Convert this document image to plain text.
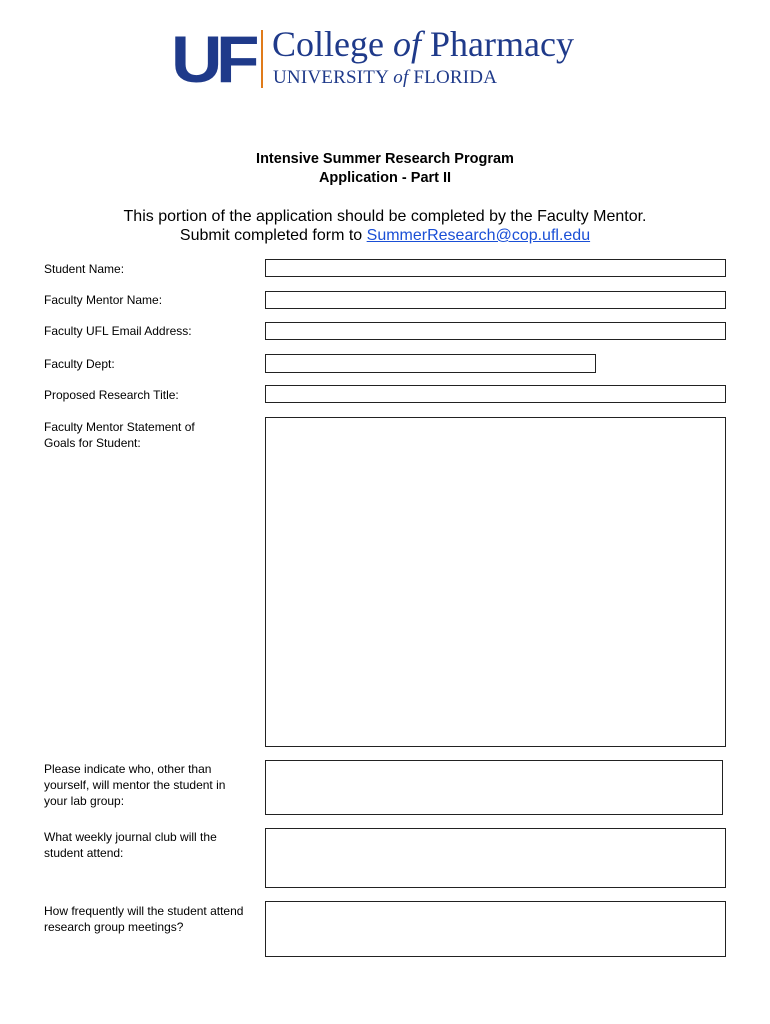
UF College of Pharmacy
UNIVERSITY of FLORIDA
Intensive Summer Research Program
Application - Part II
This portion of the application should be completed by the Faculty Mentor.
Submit completed form to SummerResearch@cop.ufl.edu
Student Name:
Faculty Mentor Name:
Faculty UFL Email Address:
Faculty Dept:
Proposed Research Title:
Faculty Mentor Statement of Goals for Student:
Please indicate who, other than yourself, will mentor the student in your lab group:
What weekly journal club will the student attend:
How frequently will the student attend research group meetings?
